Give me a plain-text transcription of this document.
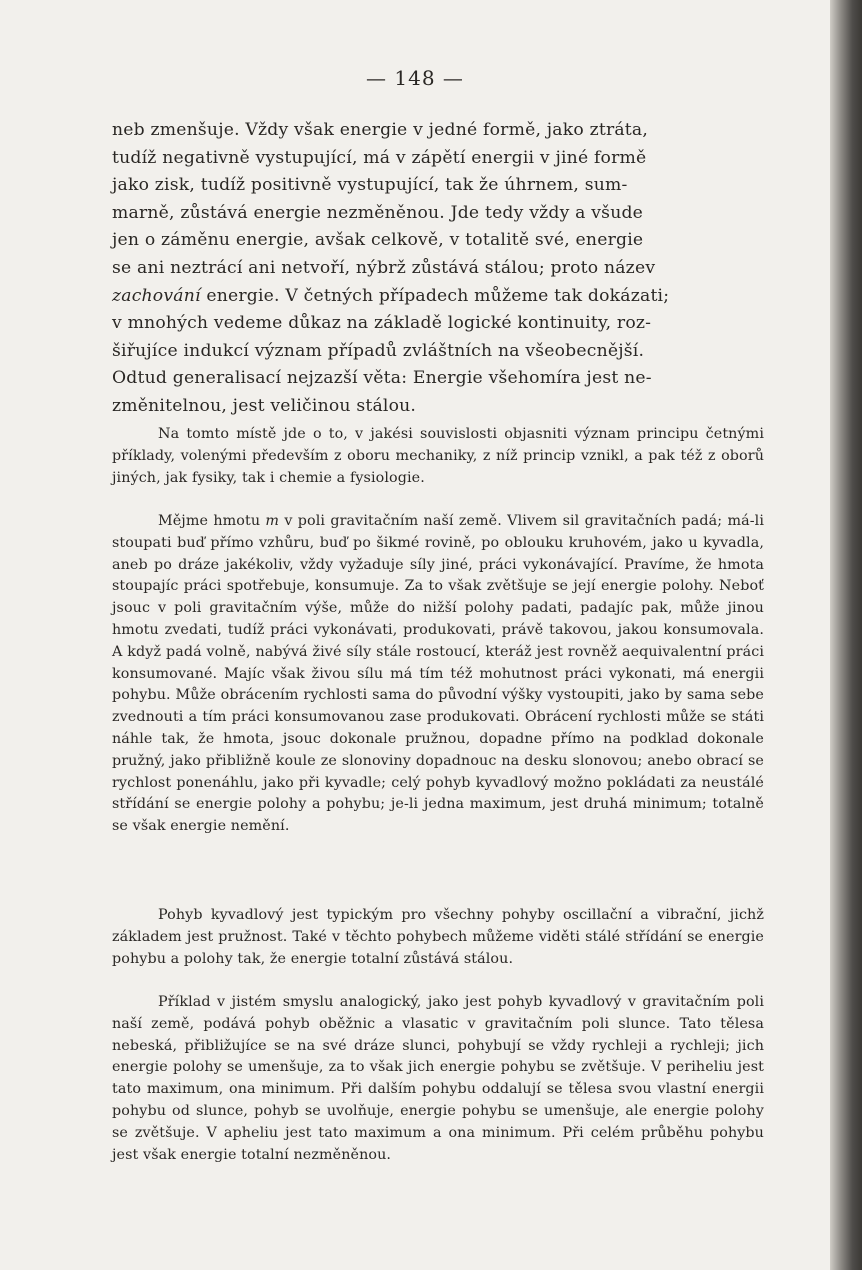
— 148 —
neb zmenšuje. Vždy však energie v jedné formě, jako ztráta,
tudíž negativně vystupující, má v zápětí energii v jiné formě
jako zisk, tudíž positivně vystupující, tak že úhrnem, sum-
marně, zůstává energie nezměněnou. Jde tedy vždy a všude
jen o záměnu energie, avšak celkově, v totalitě své, energie
se ani neztrácí ani netvoří, nýbrž zůstává stálou; proto název
zachování energie. V četných případech můžeme tak dokázati;
v mnohých vedeme důkaz na základě logické kontinuity, roz-
šiřujíce indukcí význam případů zvláštních na všeobecnější.
Odtud generalisací nejzazší věta: Energie všehomíra jest ne-
změnitelnou, jest veličinou stálou.

Na tomto místě jde o to, v jakési souvislosti objasniti význam principu četnými příklady, volenými především z oboru mechaniky, z níž princip vznikl, a pak též z oborů jiných, jak fysiky, tak i chemie a fysiologie.

Mějme hmotu m v poli gravitačním naší země. Vlivem sil gravitačních padá; má-li stoupati buď přímo vzhůru, buď po šikmé rovině, po oblouku kruhovém, jako u kyvadla, aneb po dráze jakékoliv, vždy vyžaduje síly jiné, práci vykonávající. Pravíme, že hmota stoupajíc práci spotřebuje, konsumuje. Za to však zvětšuje se její energie polohy. Neboť jsouc v poli gravitačním výše, může do nižší polohy padati, padajíc pak, může jinou hmotu zvedati, tudíž práci vykonávati, produkovati, právě takovou, jakou konsumovala. A když padá volně, nabývá živé síly stále rostoucí, kteráž jest rovněž aequivalentní práci konsumované. Majíc však živou sílu má tím též mohutnost práci vykonati, má energii pohybu. Může obrácením rychlosti sama do původní výšky vystoupiti, jako by sama sebe zvednouti a tím práci konsumovanou zase produkovati. Obrácení rychlosti může se státi náhle tak, že hmota, jsouc dokonale pružnou, dopadne přímo na podklad dokonale pružný, jako přibližně koule ze slonoviny dopadnouc na desku slonovou; anebo obrací se rychlost ponenáhlu, jako při kyvadle; celý pohyb kyvadlový možno pokládati za neustálé střídání se energie polohy a pohybu; je-li jedna maximum, jest druhá minimum; totalně se však energie nemění.

Pohyb kyvadlový jest typickým pro všechny pohyby oscillační a vibrační, jichž základem jest pružnost. Také v těchto pohybech můžeme viděti stálé střídání se energie pohybu a polohy tak, že energie totalní zůstává stálou.

Příklad v jistém smyslu analogický, jako jest pohyb kyvadlový v gravitačním poli naší země, podává pohyb oběžnic a vlasatic v gravitačním poli slunce. Tato tělesa nebeská, přibližujíce se na své dráze slunci, pohybují se vždy rychleji a rychleji; jich energie polohy se umenšuje, za to však jich energie pohybu se zvětšuje. V periheliu jest tato maximum, ona minimum. Při dalším pohybu oddalují se tělesa svou vlastní energii pohybu od slunce, pohyb se uvolňuje, energie pohybu se umenšuje, ale energie polohy se zvětšuje. V apheliu jest tato maximum a ona minimum. Při celém průběhu pohybu jest však energie totalní nezměněnou.
